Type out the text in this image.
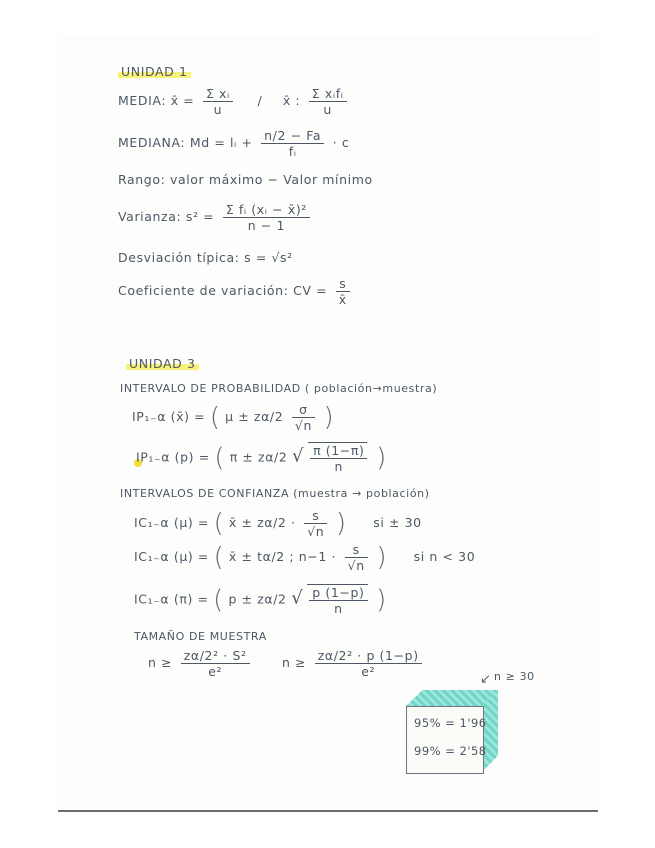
UNIDAD 1
MEDIA: x̄ = $\frac{\text{Σ xᵢ}}{u}$ / x̄ : $\frac{\text{Σ xᵢfᵢ}}{u}$
MEDIANA: Md = lᵢ + $\frac{n/2 - Fa}{\text{fᵢ}} \cdot c$
Rango: valor máximo − Valor mínimo
Varianza: $s^2 = \frac{\text{Σ fᵢ (xᵢ − x̄)²}}{n - 1}$
Desviación típica: s = √s²
Coeficiente de variación: CV = $\frac{s}{x̄}$
UNIDAD 3
INTERVALO DE PROBABILIDAD ( población→muestra)
IP₁₋α (x̄) = ( $\mu \pm z\alpha/2 \frac{\sigma}{√n}$ )
IP₁₋α (p) = ( π ± zα/2 √ $\frac{\pi (1-\pi)}{n}$ )
INTERVALOS DE CONFIANZA (muestra → población)
IC₁₋α (μ) = ( x̄ ± $z\alpha/2 \cdot \frac{s}{√n}$ ) si ± 30
IC₁₋α (μ) = ( x̄ ± tα/2 ; $n-1 \cdot \frac{s}{√n}$ ) si n < 30
IC₁₋α (π) = ( p ± zα/2 √ $\frac{p (1-p)}{n}$ )
TAMAÑO DE MUESTRA
$n \ge \frac{\text{zα/2² · S²}}{\text{e²}}$	$n \ge \frac{\text{zα/2² · p (1−p)}}{\text{e²}}$
↙ n ≥ 30
95% = 1'96
99% = 2'58
